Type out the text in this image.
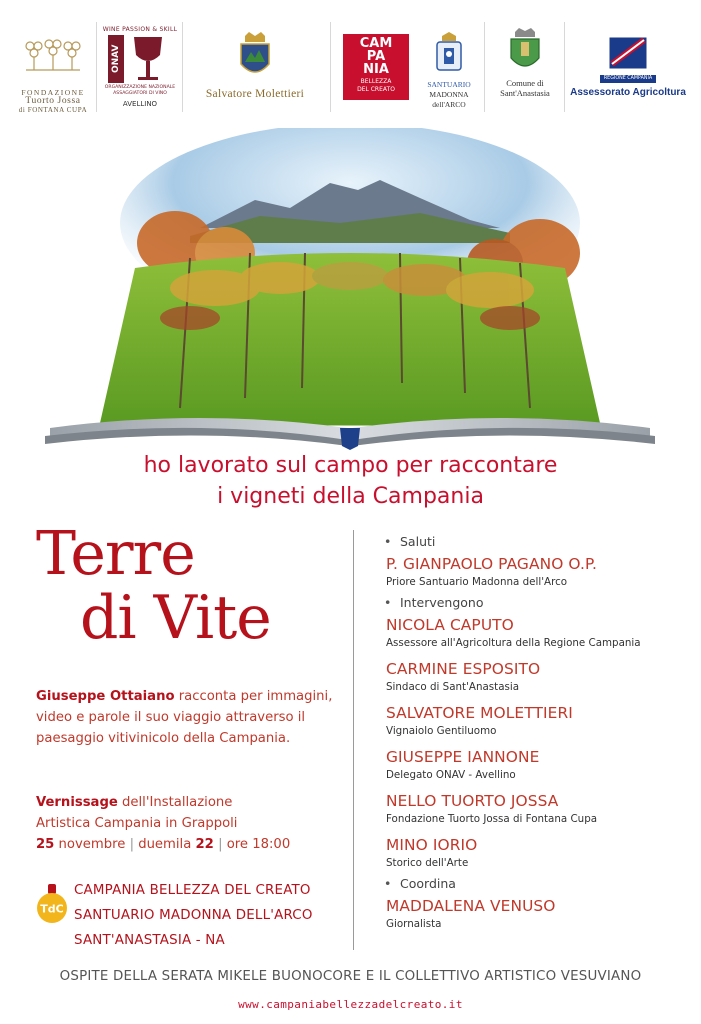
FONDAZIONE
Tuorto Jossa
di FONTANA CUPA
WINE PASSION & SKILL
ONAV
ORGANIZZAZIONE NAZIONALE
ASSAGGIATORI DI VINO
AVELLINO
Salvatore Molettieri
CAM
PA
NIA
BELLEZZA
DEL CREATO
SANTUARIO
MADONNA
dell'ARCO
Comune di
Sant'Anastasia
REGIONE CAMPANIA
Assessorato Agricoltura
ho lavorato sul campo per raccontare
i vigneti della Campania
Terre
di Vite
Giuseppe Ottaiano racconta per immagini, video e parole il suo viaggio attraverso il paesaggio vitivinicolo della Campania.
Vernissage dell'Installazione
Artistica Campania in Grappoli
25 novembre | duemila 22 | ore 18:00
TdC
CAMPANIA BELLEZZA DEL CREATO
SANTUARIO MADONNA DELL'ARCO
SANT'ANASTASIA - NA
• Saluti
P. GIANPAOLO PAGANO O.P.
Priore Santuario Madonna dell'Arco
• Intervengono
NICOLA CAPUTO
Assessore all'Agricoltura della Regione Campania
CARMINE ESPOSITO
Sindaco di Sant'Anastasia
SALVATORE MOLETTIERI
Vignaiolo Gentiluomo
GIUSEPPE IANNONE
Delegato ONAV - Avellino
NELLO TUORTO JOSSA
Fondazione Tuorto Jossa di Fontana Cupa
MINO IORIO
Storico dell'Arte
• Coordina
MADDALENA VENUSO
Giornalista
OSPITE DELLA SERATA MIKELE BUONOCORE E IL COLLETTIVO ARTISTICO VESUVIANO
www.campaniabellezzadelcreato.it
